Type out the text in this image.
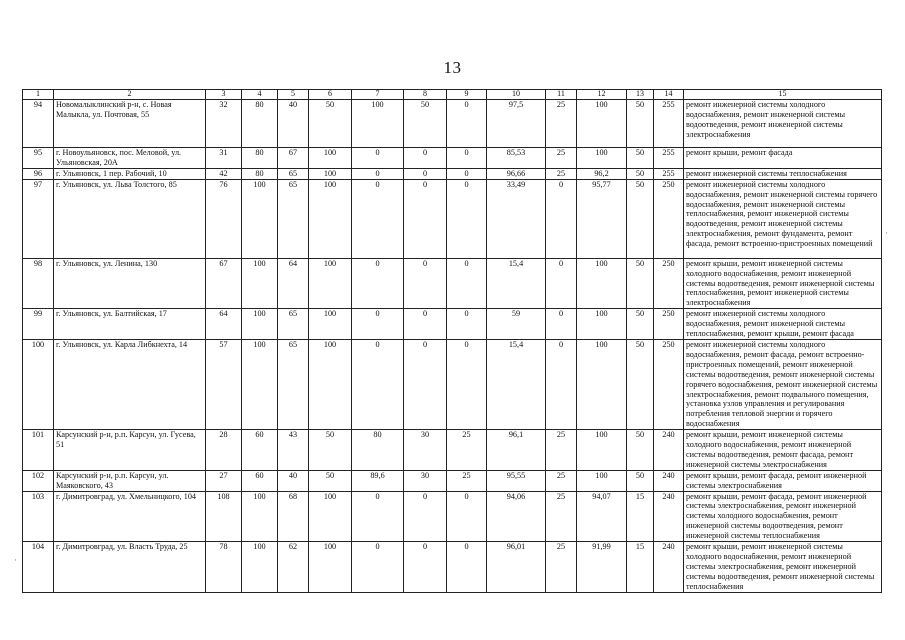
13
1	2	3	4	5	6	7	8	9	10	11	12	13	14	15
94	Новомалыклинский р-н, с. Новая Малыкла, ул. Почтовая, 55	32	80	40	50	100	50	0	97,5	25	100	50	255	ремонт инженерной системы холодного водоснабжения, ремонт инженерной системы водоотведения, ремонт инженерной системы электроснабжения
95	г. Новоульяновск, пос. Меловой, ул. Ульяновская, 20А	31	80	67	100	0	0	0	85,53	25	100	50	255	ремонт крыши, ремонт фасада
96	г. Ульяновск, 1 пер. Рабочий, 10	42	80	65	100	0	0	0	96,66	25	96,2	50	255	ремонт инженерной системы теплоснабжения
97	г. Ульяновск, ул. Льва Толстого, 85	76	100	65	100	0	0	0	33,49	0	95,77	50	250	ремонт инженерной системы холодного водоснабжения, ремонт инженерной системы горячего водоснабжения, ремонт инженерной системы теплоснабжения, ремонт инженерной системы водоотведения, ремонт инженерной системы электроснабжения, ремонт фундамента, ремонт фасада, ремонт встроенно-пристроенных помещений
98	г. Ульяновск, ул. Ленина, 130	67	100	64	100	0	0	0	15,4	0	100	50	250	ремонт крыши, ремонт инженерной системы холодного водоснабжения, ремонт инженерной системы водоотведения, ремонт инженерной системы теплоснабжения, ремонт инженерной системы электроснабжения
99	г. Ульяновск, ул. Балтийская, 17	64	100	65	100	0	0	0	59	0	100	50	250	ремонт инженерной системы холодного водоснабжения, ремонт инженерной системы теплоснабжения, ремонт крыши, ремонт фасада
100	г. Ульяновск, ул. Карла Либкнехта, 14	57	100	65	100	0	0	0	15,4	0	100	50	250	ремонт инженерной системы холодного водоснабжения, ремонт фасада, ремонт встроенно-пристроенных помещений, ремонт инженерной системы водоотведения, ремонт инженерной системы горячего водоснабжения, ремонт инженерной системы электроснабжения, ремонт подвального помещения, установка узлов управления и регулирования потребления тепловой энергии и горячего водоснабжения
101	Карсунский р-н, р.п. Карсун, ул. Гусева, 51	28	60	43	50	80	30	25	96,1	25	100	50	240	ремонт крыши, ремонт инженерной системы холодного водоснабжения, ремонт инженерной системы водоотведения, ремонт фасада, ремонт инженерной системы электроснабжения
102	Карсунский р-н, р.п. Карсун, ул. Маяковского, 43	27	60	40	50	89,6	30	25	95,55	25	100	50	240	ремонт крыши, ремонт фасада, ремонт инженерной системы электроснабжения
103	г. Димитровград, ул. Хмельницкого, 104	108	100	68	100	0	0	0	94,06	25	94,07	15	240	ремонт крыши, ремонт фасада, ремонт инженерной системы электроснабжения, ремонт инженерной системы холодного водоснабжения, ремонт инженерной системы водоотведения, ремонт инженерной системы теплоснабжения
104	г. Димитровград, ул. Власть Труда, 25	78	100	62	100	0	0	0	96,01	25	91,99	15	240	ремонт крыши, ремонт инженерной системы холодного водоснабжения, ремонт инженерной системы электроснабжения, ремонт инженерной системы водоотведения, ремонт инженерной системы теплоснабжения
·
·
